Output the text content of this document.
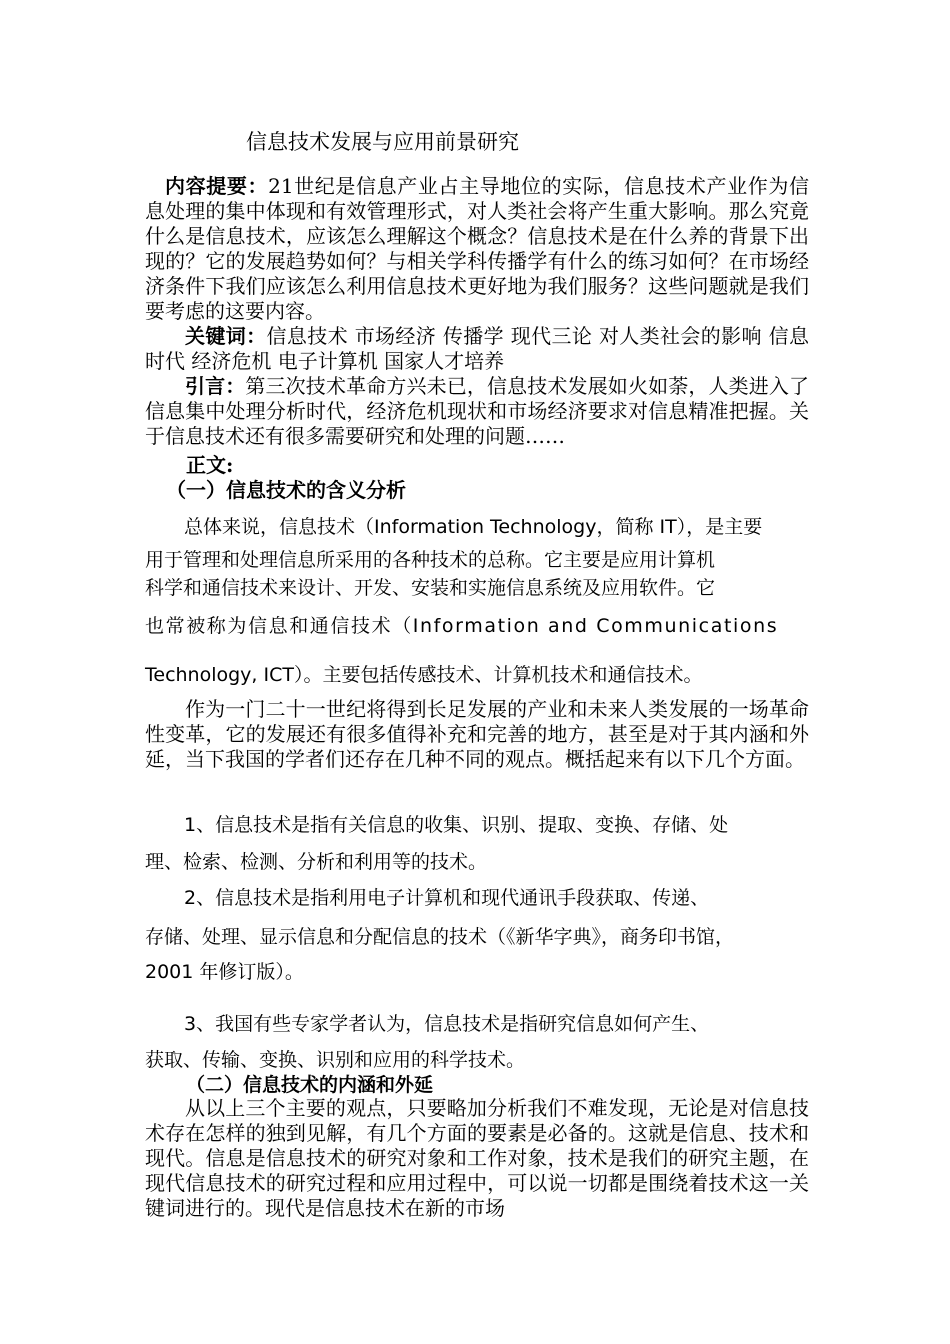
信息技术发展与应用前景研究
内容提要：21世纪是信息产业占主导地位的实际，信息技术产业作为信息处理的集中体现和有效管理形式，对人类社会将产生重大影响。那么究竟什么是信息技术，应该怎么理解这个概念？信息技术是在什么养的背景下出现的？它的发展趋势如何？与相关学科传播学有什么的练习如何？在市场经济条件下我们应该怎么利用信息技术更好地为我们服务？这些问题就是我们要考虑的这要内容。
关键词：信息技术 市场经济 传播学 现代三论 对人类社会的影响 信息时代 经济危机 电子计算机 国家人才培养
引言：第三次技术革命方兴未已，信息技术发展如火如荼，人类进入了信息集中处理分析时代，经济危机现状和市场经济要求对信息精准把握。关于信息技术还有很多需要研究和处理的问题……
正文:
（一）信息技术的含义分析
总体来说，信息技术（Information Technology，简称 IT），是主要
用于管理和处理信息所采用的各种技术的总称。它主要是应用计算机
科学和通信技术来设计、开发、安装和实施信息系统及应用软件。它
也常被称为信息和通信技术（Information and Communications
Technology, ICT）。主要包括传感技术、计算机技术和通信技术。
作为一门二十一世纪将得到长足发展的产业和未来人类发展的一场革命性变革，它的发展还有很多值得补充和完善的地方，甚至是对于其内涵和外延，当下我国的学者们还存在几种不同的观点。概括起来有以下几个方面。
1、信息技术是指有关信息的收集、识别、提取、变换、存储、处
理、检索、检测、分析和利用等的技术。
2、信息技术是指利用电子计算机和现代通讯手段获取、传递、
存储、处理、显示信息和分配信息的技术（《新华字典》，商务印书馆，
2001 年修订版）。
3、我国有些专家学者认为，信息技术是指研究信息如何产生、
获取、传输、变换、识别和应用的科学技术。
（二）信息技术的内涵和外延
从以上三个主要的观点，只要略加分析我们不难发现，无论是对信息技术存在怎样的独到见解，有几个方面的要素是必备的。这就是信息、技术和现代。信息是信息技术的研究对象和工作对象，技术是我们的研究主题，在现代信息技术的研究过程和应用过程中，可以说一切都是围绕着技术这一关键词进行的。现代是信息技术在新的市场
